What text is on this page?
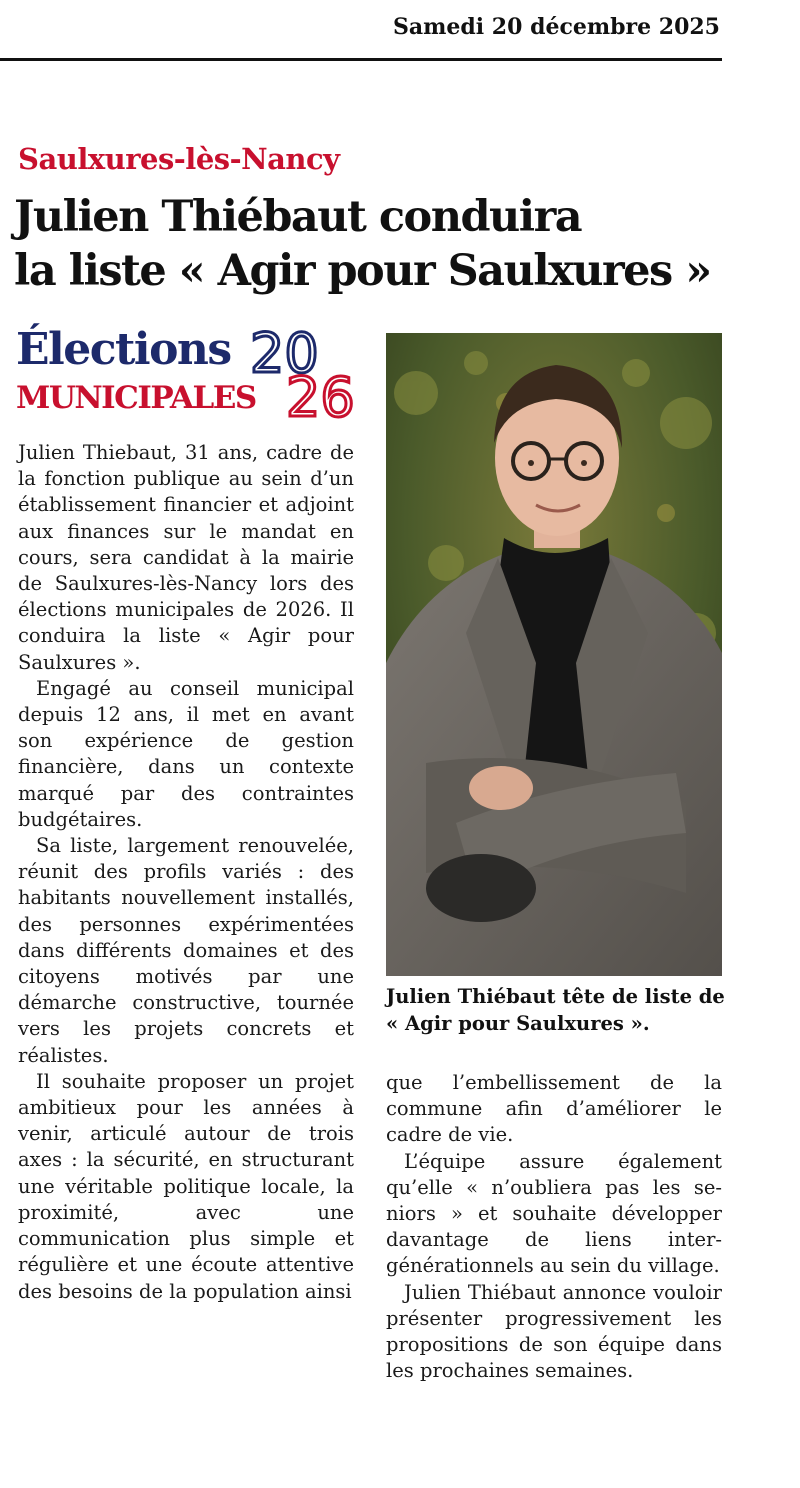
Samedi 20 décembre 2025
Saulxures-lès-Nancy
Julien Thiébaut conduira
la liste « Agir pour Saulxures »
Élections
MUNICIPALES
20
26

Julien Thiebaut, 31 ans, cadre de la fonction publique au sein d’un établissement financier et adjoint aux finances sur le mandat en cours, sera candidat à la mairie de Saulxures-lès-Nancy lors des élections municipales de 2026. Il conduira la liste « Agir pour Saulxures ».

Engagé au conseil municipal depuis 12 ans, il met en avant son expérience de gestion financière, dans un contexte marqué par des contraintes budgétaires.

Sa liste, largement renouvelée, réunit des profils variés : des habitants nouvellement installés, des personnes expérimentées dans différents domaines et des citoyens motivés par une démarche constructive, tournée vers les projets concrets et réalistes.

Il souhaite proposer un projet ambitieux pour les années à venir, articulé autour de trois axes : la sécurité, en structurant une véritable politique locale, la proximité, avec une communication plus simple et régulière et une écoute attentive des besoins de la population ainsi

Julien Thiébaut tête de liste de « Agir pour Saulxures ».

que l’embellissement de la commune afin d’améliorer le cadre de vie.

L’équipe assure également qu’elle « n’oubliera pas les seniors » et souhaite développer davantage de liens intergénérationnels au sein du village.

Julien Thiébaut annonce vouloir présenter progressivement les propositions de son équipe dans les prochaines semaines.
